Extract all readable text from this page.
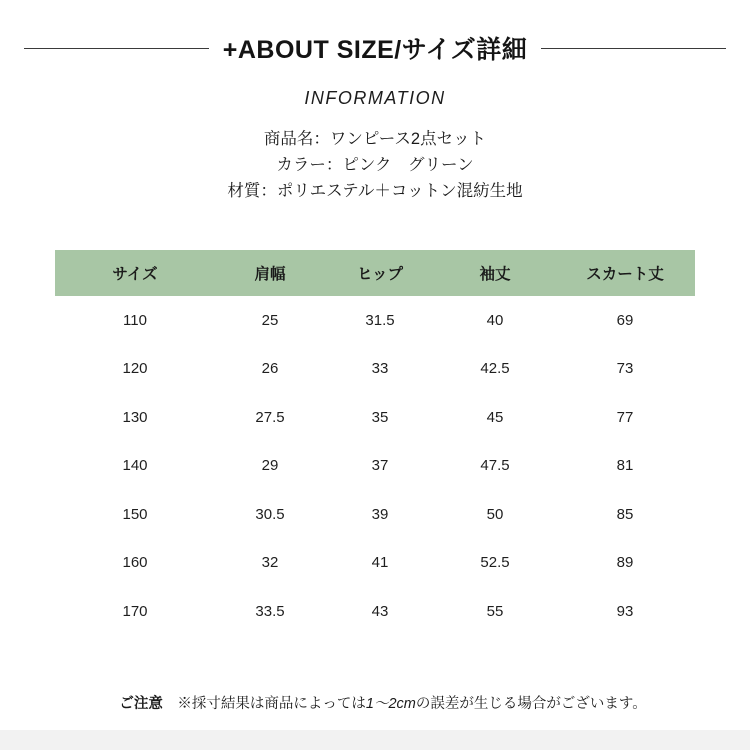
+ABOUT SIZE/サイズ詳細
INFORMATION
商品名：ワンピース2点セット
カラー：ピンク　グリーン
材質：ポリエステル＋コットン混紡生地
サイズ	肩幅	ヒップ	袖丈	スカート丈
110	25	31.5	40	69
120	26	33	42.5	73
130	27.5	35	45	77
140	29	37	47.5	81
150	30.5	39	50	85
160	32	41	52.5	89
170	33.5	43	55	93

ご注意　※採寸結果は商品によっては1～2cmの誤差が生じる場合がございます。
